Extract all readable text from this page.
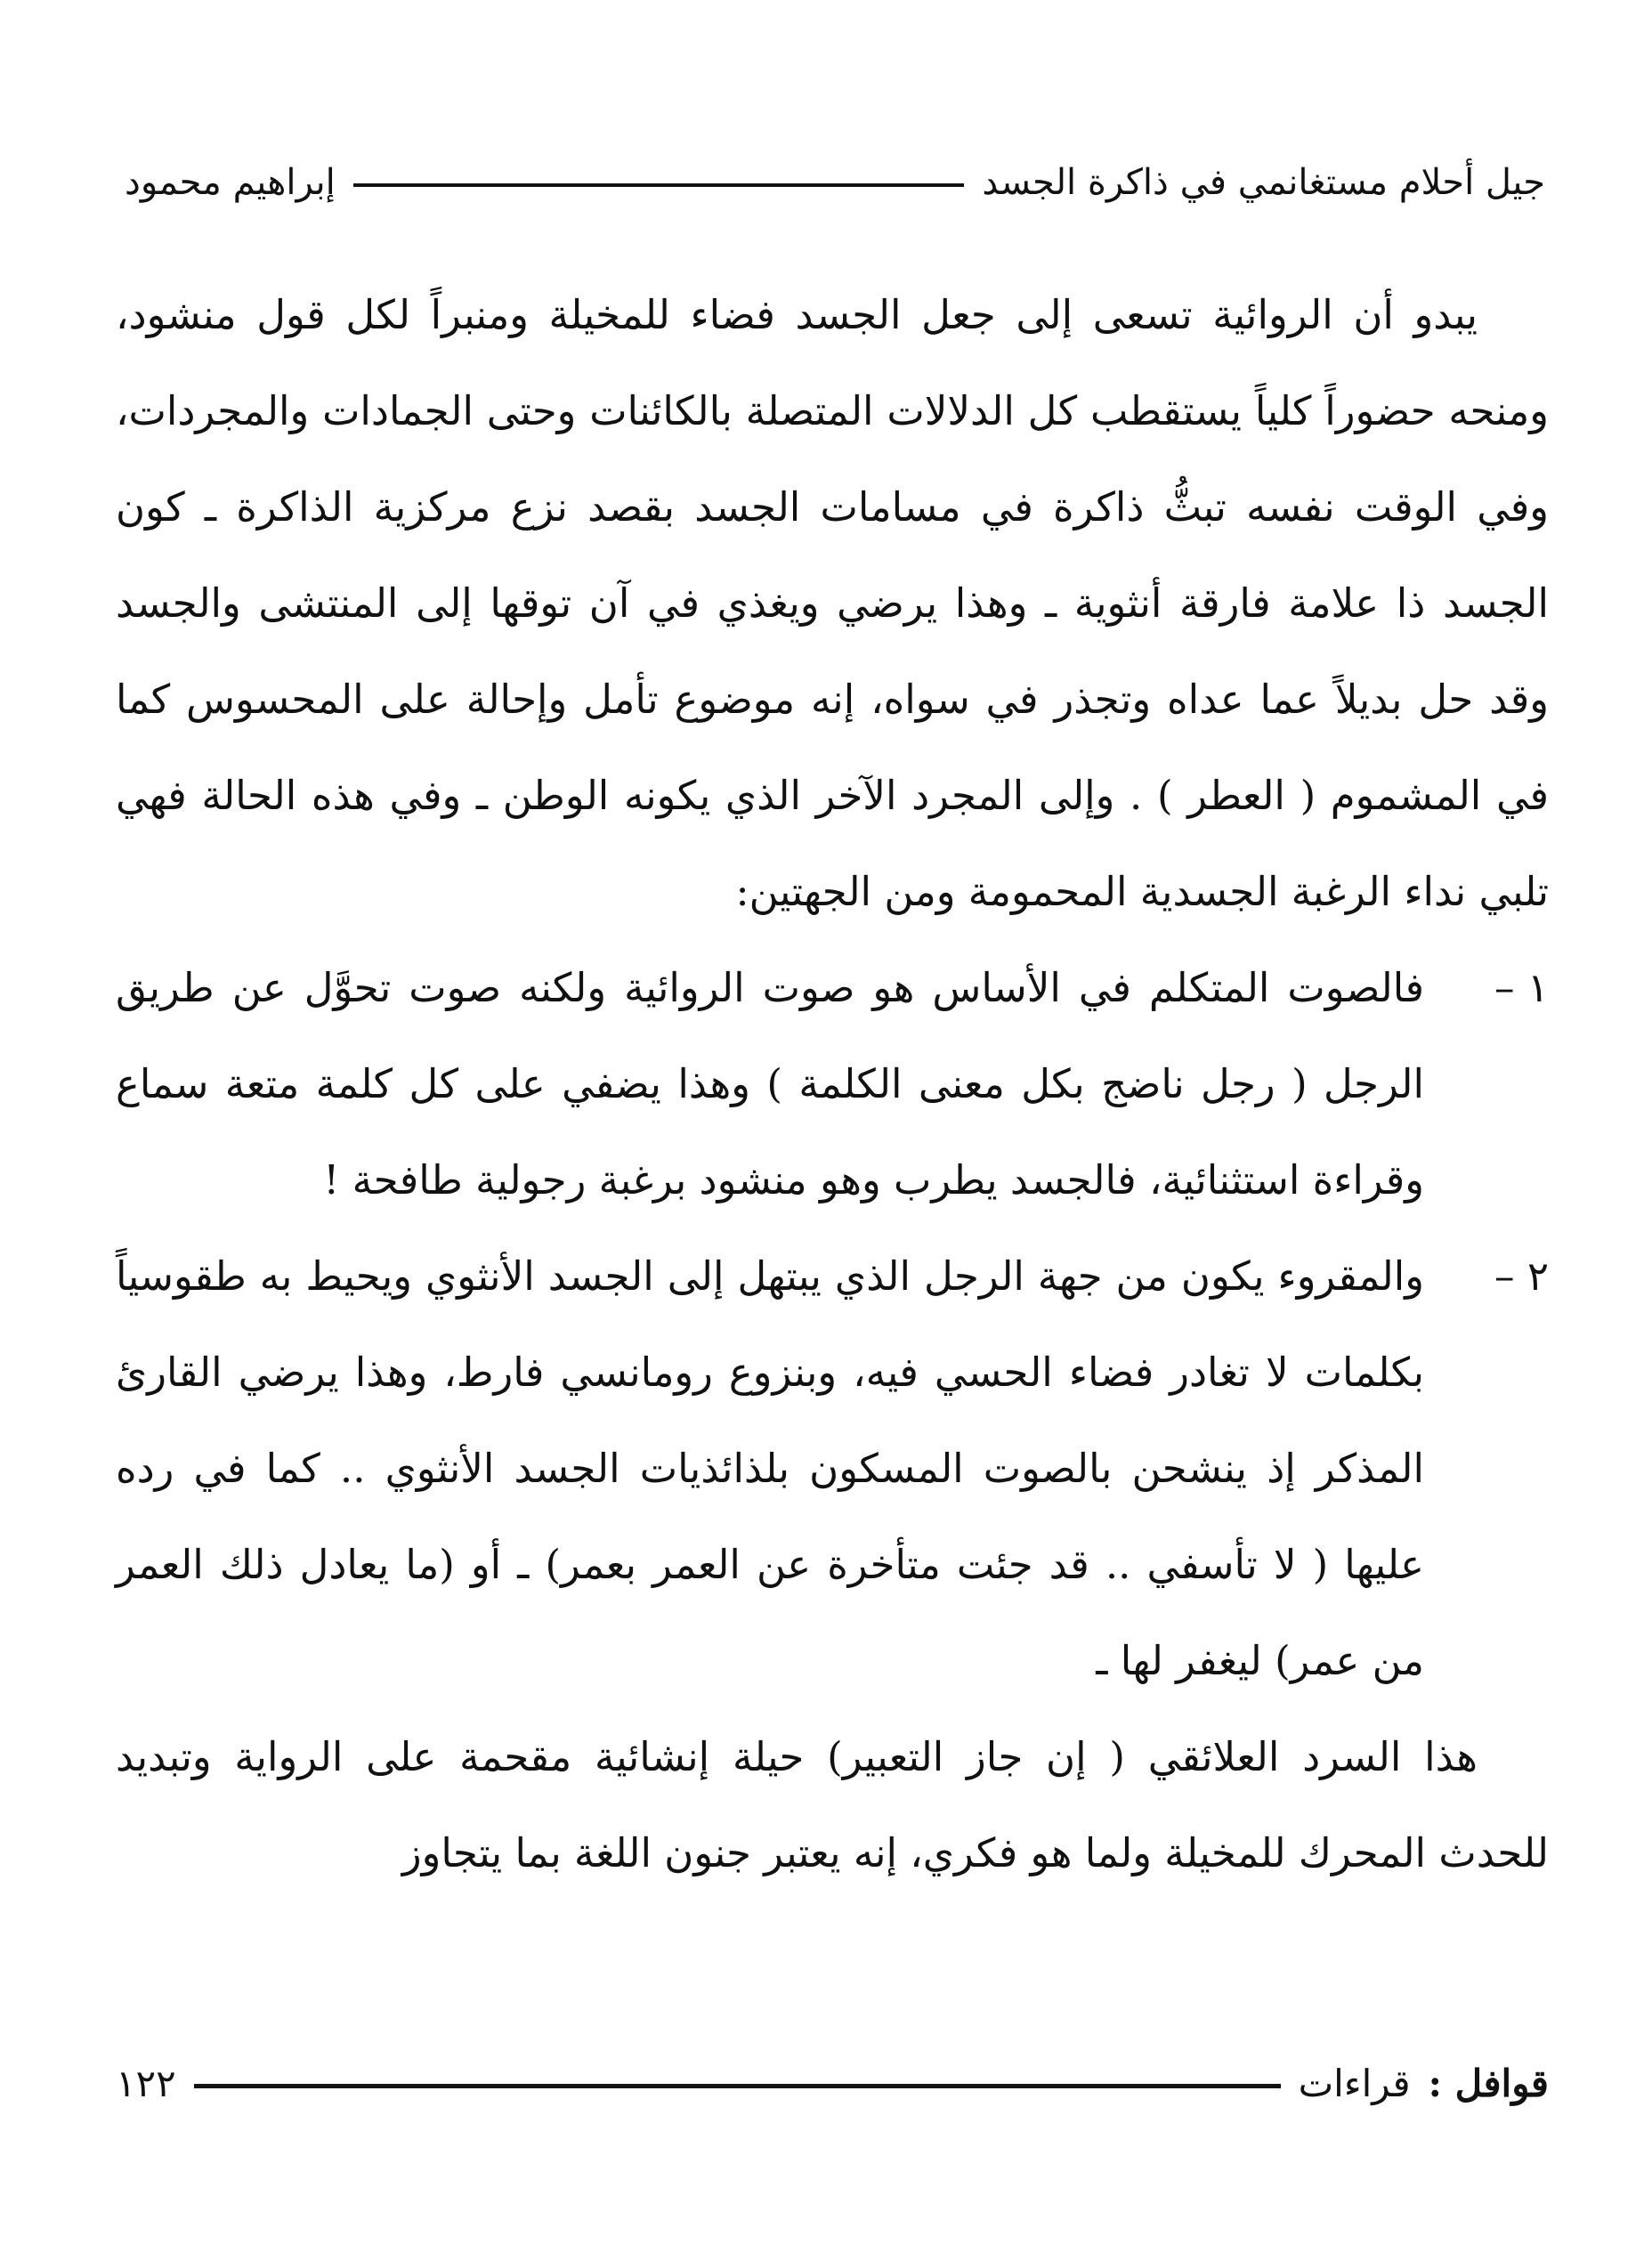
جيل أحلام مستغانمي في ذاكرة الجسد
إبراهيم محمود

يبدو أن الروائية تسعى إلى جعل الجسد فضاء للمخيلة ومنبراً لكل قول منشود، ومنحه حضوراً كلياً يستقطب كل الدلالات المتصلة بالكائنات وحتى الجمادات والمجردات، وفي الوقت نفسه تبثُّ ذاكرة في مسامات الجسد بقصد نزع مركزية الذاكرة ـ كون الجسد ذا علامة فارقة أنثوية ـ وهذا يرضي ويغذي في آن توقها إلى المنتشى والجسد وقد حل بديلاً عما عداه وتجذر في سواه، إنه موضوع تأمل وإحالة على المحسوس كما في المشموم ( العطر ) . وإلى المجرد الآخر الذي يكونه الوطن ـ وفي هذه الحالة فهي تلبي نداء الرغبة الجسدية المحمومة ومن الجهتين:

١ –

فالصوت المتكلم في الأساس هو صوت الروائية ولكنه صوت تحوَّل عن طريق الرجل ( رجل ناضج بكل معنى الكلمة ) وهذا يضفي على كل كلمة متعة سماع وقراءة استثنائية، فالجسد يطرب وهو منشود برغبة رجولية طافحة !

٢ –

والمقروء يكون من جهة الرجل الذي يبتهل إلى الجسد الأنثوي ويحيط به طقوسياً بكلمات لا تغادر فضاء الحسي فيه، وبنزوع رومانسي فارط، وهذا يرضي القارئ المذكر إذ ينشحن بالصوت المسكون بلذائذيات الجسد الأنثوي .. كما في رده عليها ( لا تأسفي .. قد جئت متأخرة عن العمر بعمر) ـ أو (ما يعادل ذلك العمر من عمر) ليغفر لها ـ

هذا السرد العلائقي ( إن جاز التعبير) حيلة إنشائية مقحمة على الرواية وتبديد للحدث المحرك للمخيلة ولما هو فكري، إنه يعتبر جنون اللغة بما يتجاوز

قوافل :
قراءات
١٢٢
